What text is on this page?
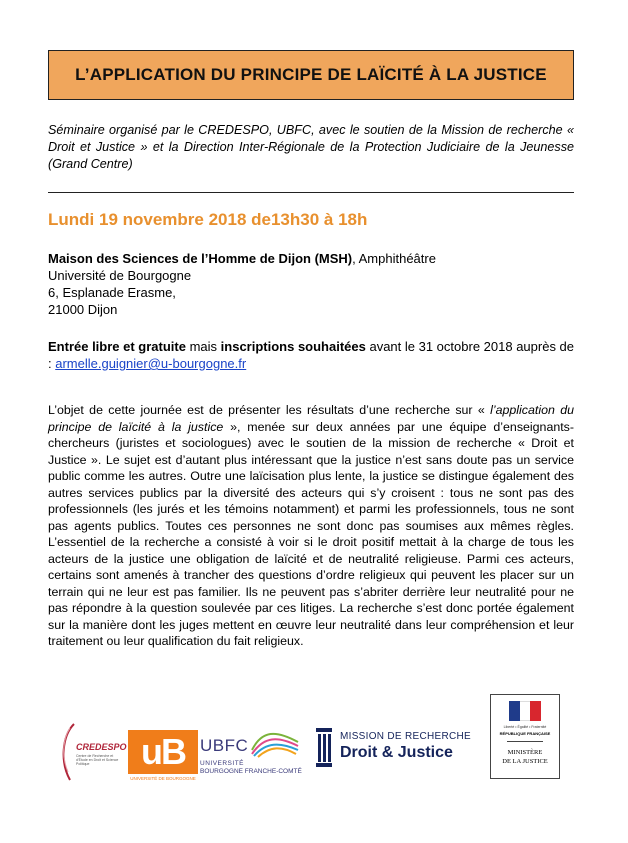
L’APPLICATION DU PRINCIPE DE LAÏCITÉ À LA JUSTICE
Séminaire organisé par le CREDESPO, UBFC, avec le soutien de la Mission de recherche « Droit et Justice » et la Direction Inter-Régionale de la Protection Judiciaire de la Jeunesse (Grand Centre)
Lundi 19 novembre 2018 de13h30 à 18h
Maison des Sciences de l’Homme de Dijon (MSH), Amphithéâtre
Université de Bourgogne
6, Esplanade Erasme,
21000 Dijon
Entrée libre et gratuite mais inscriptions souhaitées avant le 31 octobre 2018 auprès de : armelle.guignier@u-bourgogne.fr
L’objet de cette journée est de présenter les résultats d’une recherche sur « l’application du principe de laïcité à la justice », menée sur deux années par une équipe d’enseignants-chercheurs (juristes et sociologues) avec le soutien de la mission de recherche « Droit et Justice ». Le sujet est d’autant plus intéressant que la justice n’est sans doute pas un service public comme les autres. Outre une laïcisation plus lente, la justice se distingue également des autres services publics par la diversité des acteurs qui s’y croisent : tous ne sont pas des professionnels (les jurés et les témoins notamment) et parmi les professionnels, tous ne sont pas agents publics. Toutes ces personnes ne sont donc pas soumises aux mêmes règles. L’essentiel de la recherche a consisté à voir si le droit positif mettait à la charge de tous les acteurs de la justice une obligation de laïcité et de neutralité religieuse. Parmi ces acteurs, certains sont amenés à trancher des questions d’ordre religieux qui peuvent les placer sur un terrain qui ne leur est pas familier. Ils ne peuvent pas s’abriter derrière leur neutralité pour ne pas répondre à la question soulevée par ces litiges. La recherche s’est donc portée également sur la manière dont les juges mettent en œuvre leur neutralité dans leur compréhension et leur traitement ou leur qualification du fait religieux.
CREDESPO
Centre de Recherche et d'Étude en Droit et Science Politique	uB
UNIVERSITÉ DE BOURGOGNE
UBFC
UNIVERSITÉ
BOURGOGNE FRANCHE-COMTÉ
MISSION DE RECHERCHE
Droit & Justice
Liberté • Égalité • Fraternité
RÉPUBLIQUE FRANÇAISE
MINISTÈRE
DE LA JUSTICE
